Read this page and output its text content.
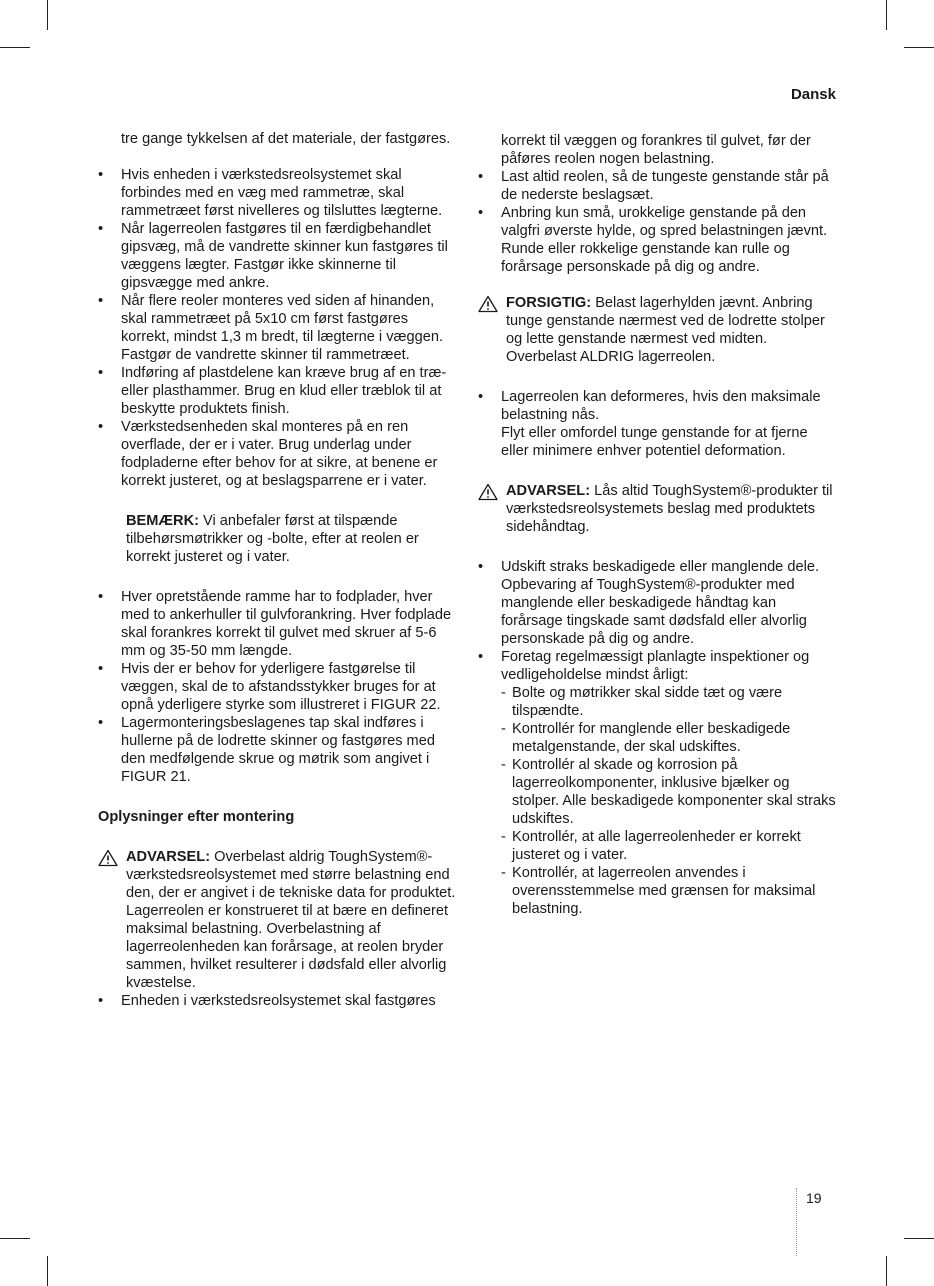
Dansk

tre gange tykkelsen af det materiale, der fastgøres.

• Hvis enheden i værkstedsreolsystemet skal forbindes med en væg med rammetræ, skal rammetræet først nivelleres og tilsluttes lægterne.
• Når lagerreolen fastgøres til en færdigbehandlet gipsvæg, må de vandrette skinner kun fastgøres til væggens lægter. Fastgør ikke skinnerne til gipsvægge med ankre.
• Når flere reoler monteres ved siden af hinanden, skal rammetræet på 5x10 cm først fastgøres korrekt, mindst 1,3 m bredt, til lægterne i væggen. Fastgør de vandrette skinner til rammetræet.
• Indføring af plastdelene kan kræve brug af en træ- eller plasthammer. Brug en klud eller træblok til at beskytte produktets finish.
• Værkstedsenheden skal monteres på en ren overflade, der er i vater. Brug underlag under fodpladerne efter behov for at sikre, at benene er korrekt justeret, og at beslagsparrene er i vater.

BEMÆRK: Vi anbefaler først at tilspænde tilbehørsmøtrikker og -bolte, efter at reolen er korrekt justeret og i vater.

• Hver opretstående ramme har to fodplader, hver med to ankerhuller til gulvforankring. Hver fodplade skal forankres korrekt til gulvet med skruer af 5-6 mm og 35-50 mm længde.
• Hvis der er behov for yderligere fastgørelse til væggen, skal de to afstandsstykker bruges for at opnå yderligere styrke som illustreret i FIGUR 22.
• Lagermonteringsbeslagenes tap skal indføres i hullerne på de lodrette skinner og fastgøres med den medfølgende skrue og møtrik som angivet i FIGUR 21.
Oplysninger efter montering
ADVARSEL: Overbelast aldrig ToughSystem®-værkstedsreolsystemet med større belastning end den, der er angivet i de tekniske data for produktet. Lagerreolen er konstrueret til at bære en defineret maksimal belastning. Overbelastning af lagerreolenheden kan forårsage, at reolen bryder sammen, hvilket resulterer i dødsfald eller alvorlig kvæstelse.
• Enheden i værkstedsreolsystemet skal fastgøres

korrekt til væggen og forankres til gulvet, før der påføres reolen nogen belastning.

• Last altid reolen, så de tungeste genstande står på de nederste beslagsæt.
• Anbring kun små, urokkelige genstande på den valgfri øverste hylde, og spred belastningen jævnt. Runde eller rokkelige genstande kan rulle og forårsage personskade på dig og andre.
FORSIGTIG: Belast lagerhylden jævnt. Anbring tunge genstande nærmest ved de lodrette stolper og lette genstande nærmest ved midten. Overbelast ALDRIG lagerreolen.
• Lagerreolen kan deformeres, hvis den maksimale belastning nås.
Flyt eller omfordel tunge genstande for at fjerne eller minimere enhver potentiel deformation.
ADVARSEL: Lås altid ToughSystem®-produkter til værkstedsreolsystemets beslag med produktets sidehåndtag.
• Udskift straks beskadigede eller manglende dele. Opbevaring af ToughSystem®-produkter med manglende eller beskadigede håndtag kan forårsage tingskade samt dødsfald eller alvorlig personskade på dig og andre.
• Foretag regelmæssigt planlagte inspektioner og vedligeholdelse mindst årligt:
- Bolte og møtrikker skal sidde tæt og være tilspændte.
- Kontrollér for manglende eller beskadigede metalgenstande, der skal udskiftes.
- Kontrollér al skade og korrosion på lagerreolkomponenter, inklusive bjælker og stolper. Alle beskadigede komponenter skal straks udskiftes.
- Kontrollér, at alle lagerreolenheder er korrekt justeret og i vater.
- Kontrollér, at lagerreolen anvendes i overensstemmelse med grænsen for maksimal belastning.
19
